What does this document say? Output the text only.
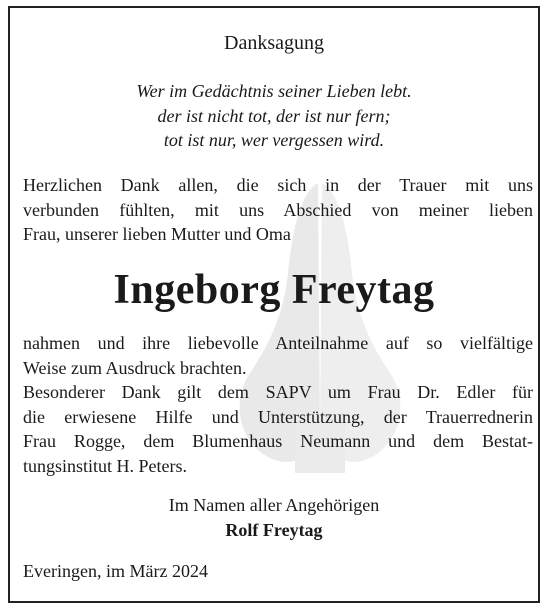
Danksagung
Wer im Gedächtnis seiner Lieben lebt.
der ist nicht tot, der ist nur fern;
tot ist nur, wer vergessen wird.
Herzlichen Dank allen, die sich in der Trauer mit uns
verbunden fühlten, mit uns Abschied von meiner lieben
Frau, unserer lieben Mutter und Oma
Ingeborg Freytag
nahmen und ihre liebevolle Anteilnahme auf so vielfältige
Weise zum Ausdruck brachten.
Besonderer Dank gilt dem SAPV um Frau Dr. Edler für
die erwiesene Hilfe und Unterstützung, der Trauerrednerin
Frau Rogge, dem Blumenhaus Neumann und dem Bestat-
tungsinstitut H. Peters.
Im Namen aller Angehörigen
Rolf Freytag
Everingen, im März 2024
